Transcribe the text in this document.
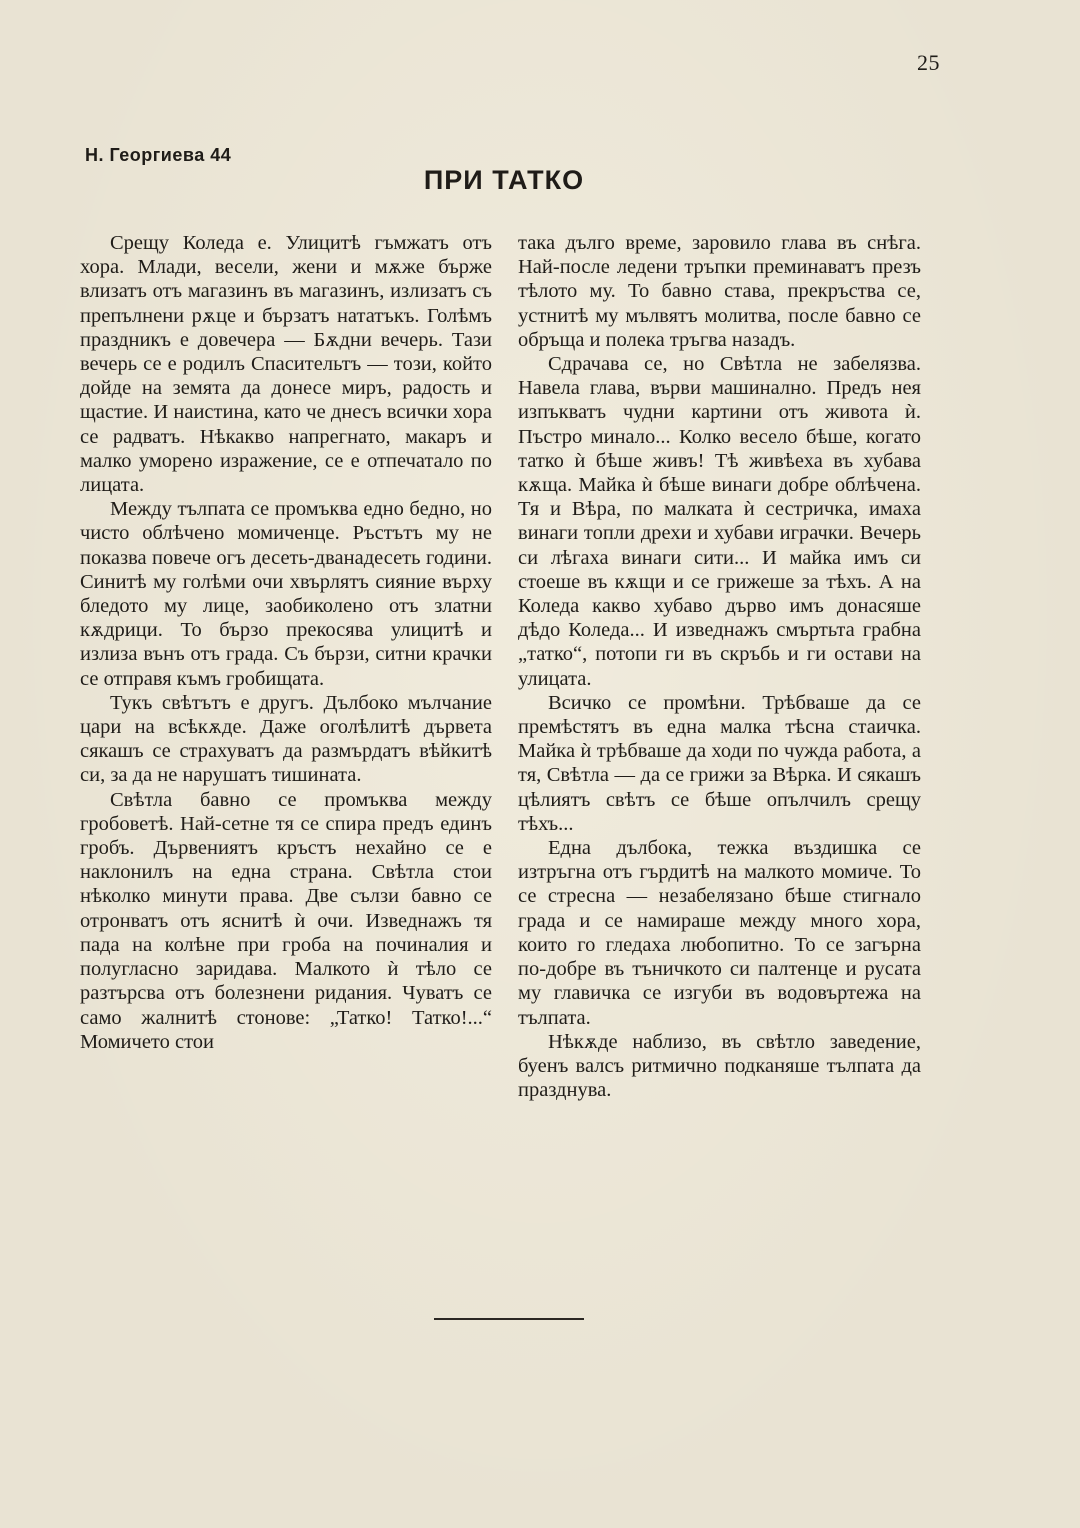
25
Н. Георгиева 44
ПРИ ТАТКО

Срещу Коледа е. Улицитѣ гъмжатъ отъ хора. Млади, весели, жени и мѫже бърже влизатъ отъ магазинъ въ магазинъ, излизатъ съ препълнени рѫце и бързатъ нататъкъ. Голѣмъ праздникъ е довечера — Бѫдни вечерь. Тази вечерь се е родилъ Спасительтъ — този, който дойде на земята да донесе миръ, радость и щастие. И наистина, като че днесъ всички хора се радватъ. Нѣкакво напрегнато, макаръ и малко уморено изражение, се е отпечатало по лицата.

Между тълпата се промъква едно бедно, но чисто облѣчено момиченце. Ръстътъ му не показва повече огъ десеть-дванадесеть години. Синитѣ му голѣми очи хвърлятъ сияние върху бледото му лице, заобиколено отъ златни кѫдрици. То бързо прекосява улицитѣ и излиза вънъ отъ града. Съ бързи, ситни крачки се отправя къмъ гробищата.

Тукъ свѣтътъ е другъ. Дълбоко мълчание цари на всѣкѫде. Даже оголѣлитѣ дървета сякашъ се страхуватъ да размърдатъ вѣйкитѣ си, за да не нарушатъ тишината.

Свѣтла бавно се промъква между гробоветѣ. Най-сетне тя се спира предъ единъ гробъ. Дървениятъ кръстъ нехайно се е наклонилъ на една страна. Свѣтла стои нѣколко минути права. Две сълзи бавно се отронватъ отъ яснитѣ ѝ очи. Изведнажъ тя пада на колѣне при гроба на починалия и полугласно заридава. Малкото ѝ тѣло се разтърсва отъ болезнени ридания. Чуватъ се само жалнитѣ стонове: „Татко! Татко!...“ Момичето стои

така дълго време, заровило глава въ снѣга. Най-после ледени тръпки преминаватъ презъ тѣлото му. То бавно става, прекръства се, устнитѣ му мълвятъ молитва, после бавно се обръща и полека тръгва назадъ.

Сдрачава се, но Свѣтла не забелязва. Навела глава, върви машинално. Предъ нея изпъкватъ чудни картини отъ живота ѝ. Пъстро минало... Колко весело бѣше, когато татко ѝ бѣше живъ! Тѣ живѣеха въ хубава кѫща. Майка ѝ бѣше винаги добре облѣчена. Тя и Вѣра, по малката ѝ сестричка, имаха винаги топли дрехи и хубави играчки. Вечерь си лѣгаха винаги сити... И майка имъ си стоеше въ кѫщи и се грижеше за тѣхъ. А на Коледа какво хубаво дърво имъ донасяше дѣдо Коледа... И изведнажъ смъртьта грабна „татко“, потопи ги въ скръбь и ги остави на улицата.

Всичко се промѣни. Трѣбваше да се премѣстятъ въ една малка тѣсна стаичка. Майка ѝ трѣбваше да ходи по чужда работа, а тя, Свѣтла — да се грижи за Вѣрка. И сякашъ цѣлиятъ свѣтъ се бѣше опълчилъ срещу тѣхъ...

Една дълбока, тежка въздишка се изтръгна отъ гърдитѣ на малкото момиче. То се стресна — незабелязано бѣше стигнало града и се намираше между много хора, които го гледаха любопитно. То се загърна по-добре въ тъничкото си палтенце и русата му главичка се изгуби въ водовъртежа на тълпата.

Нѣкѫде наблизо, въ свѣтло заведение, буенъ валсъ ритмично подканяше тълпата да празднува.
